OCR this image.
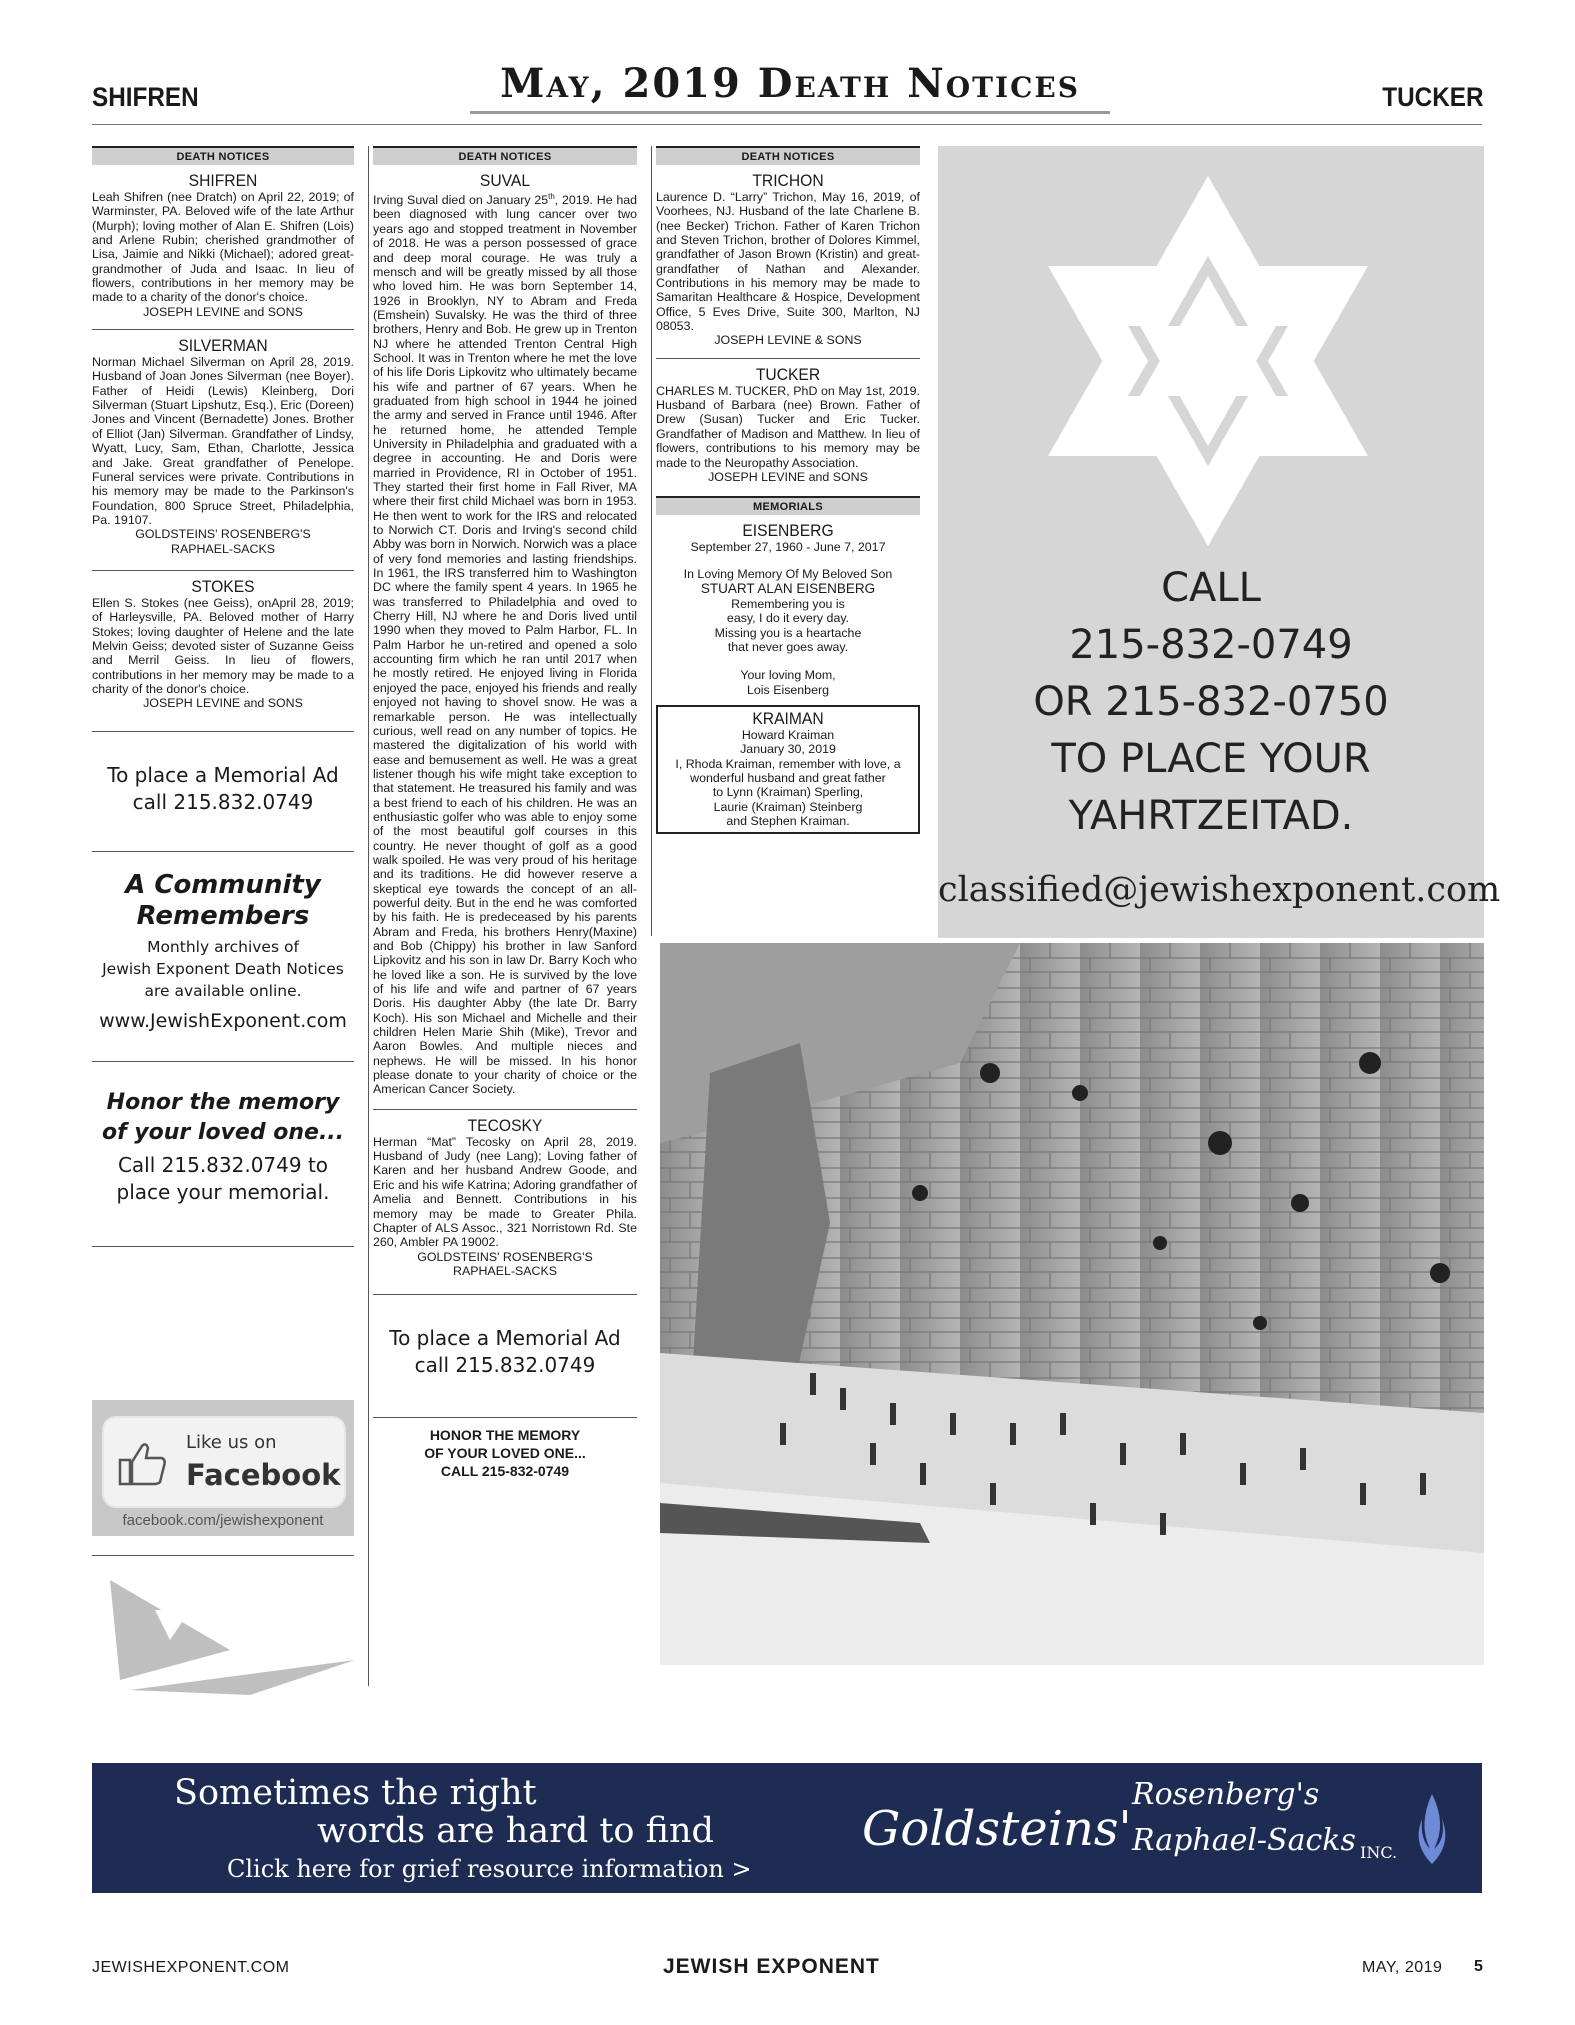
SHIFREN	May, 2019 Death Notices	TUCKER
DEATH NOTICES
SHIFREN
Leah Shifren (nee Dratch) on April 22, 2019; of Warminster, PA. Beloved wife of the late Arthur (Murph); loving mother of Alan E. Shifren (Lois) and Arlene Rubin; cherished grandmother of Lisa, Jaimie and Nikki (Michael); adored great-grandmother of Juda and Isaac. In lieu of flowers, contributions in her memory may be made to a charity of the donor's choice.
JOSEPH LEVINE and SONS
SILVERMAN
Norman Michael Silverman on April 28, 2019. Husband of Joan Jones Silverman (nee Boyer). Father of Heidi (Lewis) Kleinberg, Dori Silverman (Stuart Lipshutz, Esq.), Eric (Doreen) Jones and Vincent (Bernadette) Jones. Brother of Elliot (Jan) Silverman. Grandfather of Lindsy, Wyatt, Lucy, Sam, Ethan, Charlotte, Jessica and Jake. Great grandfather of Penelope. Funeral services were private. Contributions in his memory may be made to the Parkinson's Foundation, 800 Spruce Street, Philadelphia, Pa. 19107.
GOLDSTEINS' ROSENBERG'S
RAPHAEL-SACKS
STOKES
Ellen S. Stokes (nee Geiss), onApril 28, 2019; of Harleysville, PA. Beloved mother of Harry Stokes; loving daughter of Helene and the late Melvin Geiss; devoted sister of Suzanne Geiss and Merril Geiss. In lieu of flowers, contributions in her memory may be made to a charity of the donor's choice.
JOSEPH LEVINE and SONS
To place a Memorial Ad
call 215.832.0749
A Community
Remembers
Monthly archives of
Jewish Exponent Death Notices
are available online.
www.JewishExponent.com
Honor the memory
of your loved one...
Call 215.832.0749 to
place your memorial.
Like us on
Facebook
facebook.com/jewishexponent
DEATH NOTICES
SUVAL
Irving Suval died on January 25th, 2019. He had been diagnosed with lung cancer over two years ago and stopped treatment in November of 2018. He was a person possessed of grace and deep moral courage. He was truly a mensch and will be greatly missed by all those who loved him. He was born September 14, 1926 in Brooklyn, NY to Abram and Freda (Emshein) Suvalsky. He was the third of three brothers, Henry and Bob. He grew up in Trenton NJ where he attended Trenton Central High School. It was in Trenton where he met the love of his life Doris Lipkovitz who ultimately became his wife and partner of 67 years. When he graduated from high school in 1944 he joined the army and served in France until 1946. After he returned home, he attended Temple University in Philadelphia and graduated with a degree in accounting. He and Doris were married in Providence, RI in October of 1951. They started their first home in Fall River, MA where their first child Michael was born in 1953. He then went to work for the IRS and relocated to Norwich CT. Doris and Irving's second child Abby was born in Norwich. Norwich was a place of very fond memories and lasting friendships. In 1961, the IRS transferred him to Washington DC where the family spent 4 years. In 1965 he was transferred to Philadelphia and oved to Cherry Hill, NJ where he and Doris lived until 1990 when they moved to Palm Harbor, FL. In Palm Harbor he un-retired and opened a solo accounting firm which he ran until 2017 when he mostly retired. He enjoyed living in Florida enjoyed the pace, enjoyed his friends and really enjoyed not having to shovel snow. He was a remarkable person. He was intellectually curious, well read on any number of topics. He mastered the digitalization of his world with ease and bemusement as well. He was a great listener though his wife might take exception to that statement. He treasured his family and was a best friend to each of his children. He was an enthusiastic golfer who was able to enjoy some of the most beautiful golf courses in this country. He never thought of golf as a good walk spoiled. He was very proud of his heritage and its traditions. He did however reserve a skeptical eye towards the concept of an all-powerful deity. But in the end he was comforted by his faith. He is predeceased by his parents Abram and Freda, his brothers Henry(Maxine) and Bob (Chippy) his brother in law Sanford Lipkovitz and his son in law Dr. Barry Koch who he loved like a son. He is survived by the love of his life and wife and partner of 67 years Doris. His daughter Abby (the late Dr. Barry Koch). His son Michael and Michelle and their children Helen Marie Shih (Mike), Trevor and Aaron Bowles. And multiple nieces and nephews. He will be missed. In his honor please donate to your charity of choice or the American Cancer Society.
TECOSKY
Herman “Mat” Tecosky on April 28, 2019. Husband of Judy (nee Lang); Loving father of Karen and her husband Andrew Goode, and Eric and his wife Katrina; Adoring grandfather of Amelia and Bennett. Contributions in his memory may be made to Greater Phila. Chapter of ALS Assoc., 321 Norristown Rd. Ste 260, Ambler PA 19002.
GOLDSTEINS' ROSENBERG'S
RAPHAEL-SACKS
To place a Memorial Ad
call 215.832.0749
HONOR THE MEMORY
OF YOUR LOVED ONE...
CALL 215-832-0749
DEATH NOTICES
TRICHON
Laurence D. “Larry” Trichon, May 16, 2019, of Voorhees, NJ. Husband of the late Charlene B. (nee Becker) Trichon. Father of Karen Trichon and Steven Trichon, brother of Dolores Kimmel, grandfather of Jason Brown (Kristin) and great-grandfather of Nathan and Alexander. Contributions in his memory may be made to Samaritan Healthcare & Hospice, Development Office, 5 Eves Drive, Suite 300, Marlton, NJ 08053.
JOSEPH LEVINE & SONS
TUCKER
CHARLES M. TUCKER, PhD on May 1st, 2019. Husband of Barbara (nee) Brown. Father of Drew (Susan) Tucker and Eric Tucker. Grandfather of Madison and Matthew. In lieu of flowers, contributions to his memory may be made to the Neuropathy Association.
JOSEPH LEVINE and SONS
MEMORIALS
EISENBERG
September 27, 1960 - June 7, 2017
In Loving Memory Of My Beloved Son
STUART ALAN EISENBERG
Remembering you is
easy, I do it every day.
Missing you is a heartache
that never goes away.
Your loving Mom,
Lois Eisenberg
KRAIMAN
Howard Kraiman
January 30, 2019
I, Rhoda Kraiman, remember with love, a
wonderful husband and great father
to Lynn (Kraiman) Sperling,
Laurie (Kraiman) Steinberg
and Stephen Kraiman.
CALL
215-832-0749
OR 215-832-0750
TO PLACE YOUR
YAHRTZEITAD.
classified@jewishexponent.com
Sometimes the right
words are hard to find
Click here for grief resource information >
Goldsteins'
Rosenberg's
Raphael-Sacks INC.
JEWISHEXPONENT.COM	JEWISH EXPONENT	MAY, 2019 5
